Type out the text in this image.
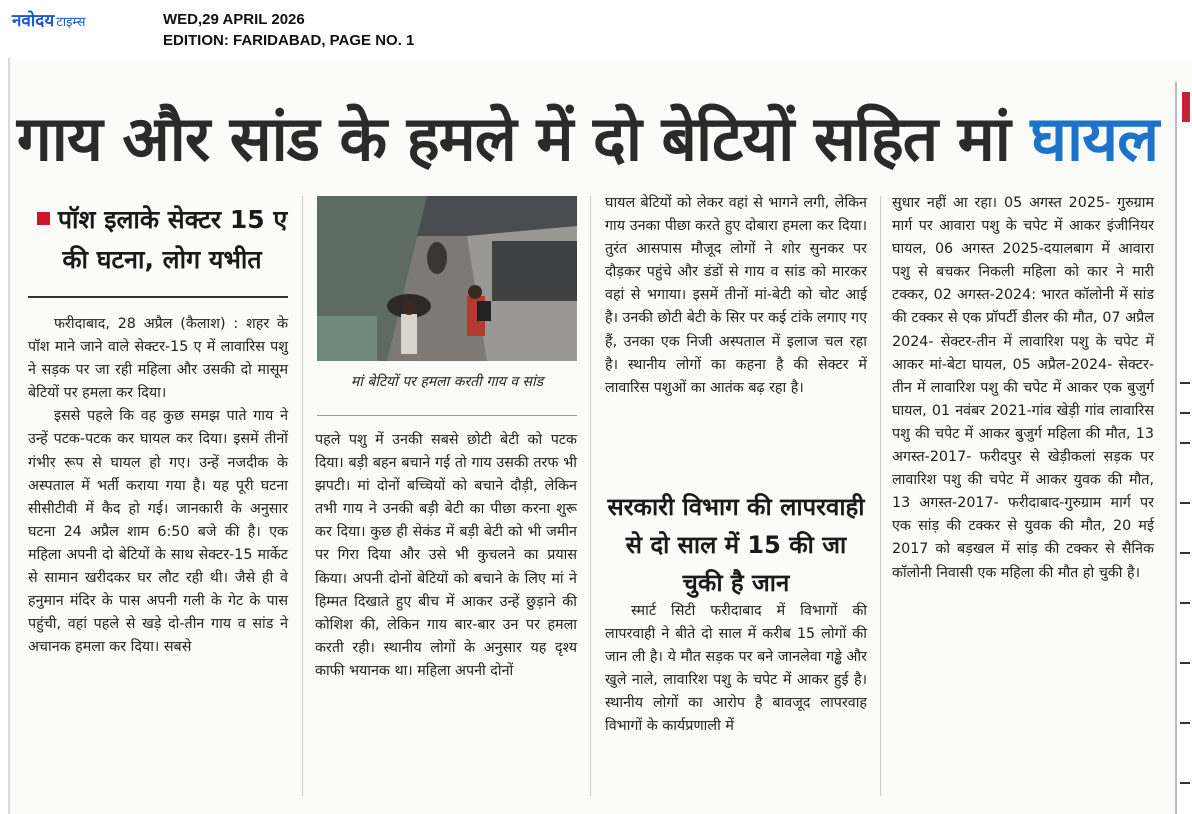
नवोदय टाइम्स	WED,29 APRIL 2026
EDITION: FARIDABAD, PAGE NO. 1
गाय और सांड के हमले में दो बेटियों सहित मां घायल
पॉश इलाके सेक्टर 15 ए की घटना, लोग यभीत

फरीदाबाद, 28 अप्रैल (कैलाश) : शहर के पॉश माने जाने वाले सेक्टर-15 ए में लावारिस पशु ने सड़क पर जा रही महिला और उसकी दो मासूम बेटियों पर हमला कर दिया।

इससे पहले कि वह कुछ समझ पाते गाय ने उन्हें पटक-पटक कर घायल कर दिया। इसमें तीनों गंभीर रूप से घायल हो गए। उन्हें नजदीक के अस्पताल में भर्ती कराया गया है। यह पूरी घटना सीसीटीवी में कैद हो गई। जानकारी के अनुसार घटना 24 अप्रैल शाम 6:50 बजे की है। एक महिला अपनी दो बेटियों के साथ सेक्टर-15 मार्केट से सामान खरीदकर घर लौट रही थी। जैसे ही वे हनुमान मंदिर के पास अपनी गली के गेट के पास पहुंची, वहां पहले से खड़े दो-तीन गाय व सांड ने अचानक हमला कर दिया। सबसे

मां बेटियों पर हमला करती गाय व सांड

पहले पशु में उनकी सबसे छोटी बेटी को पटक दिया। बड़ी बहन बचाने गई तो गाय उसकी तरफ भी झपटी। मां दोनों बच्चियों को बचाने दौड़ी, लेकिन तभी गाय ने उनकी बड़ी बेटी का पीछा करना शुरू कर दिया। कुछ ही सेकंड में बड़ी बेटी को भी जमीन पर गिरा दिया और उसे भी कुचलने का प्रयास किया। अपनी दोनों बेटियों को बचाने के लिए मां ने हिम्मत दिखाते हुए बीच में आकर उन्हें छुड़ाने की कोशिश की, लेकिन गाय बार-बार उन पर हमला करती रही। स्थानीय लोगों के अनुसार यह दृश्य काफी भयानक था। महिला अपनी दोनों

घायल बेटियों को लेकर वहां से भागने लगी, लेकिन गाय उनका पीछा करते हुए दोबारा हमला कर दिया। तुरंत आसपास मौजूद लोगों ने शोर सुनकर पर दौड़कर पहुंचे और डंडों से गाय व सांड को मारकर वहां से भगाया। इसमें तीनों मां-बेटी को चोट आई है। उनकी छोटी बेटी के सिर पर कई टांके लगाए गए हैं, उनका एक निजी अस्पताल में इलाज चल रहा है। स्थानीय लोगों का कहना है की सेक्टर में लावारिस पशुओं का आतंक बढ़ रहा है।

सरकारी विभाग की लापरवाही से दो साल में 15 की जा चुकी है जान

स्मार्ट सिटी फरीदाबाद में विभागों की लापरवाही ने बीते दो साल में करीब 15 लोगों की जान ली है। ये मौत सड़क पर बने जानलेवा गड्ढे और खुले नाले, लावारिश पशु के चपेट में आकर हुई है। स्थानीय लोगों का आरोप है बावजूद लापरवाह विभागों के कार्यप्रणाली में

सुधार नहीं आ रहा। 05 अगस्त 2025- गुरुग्राम मार्ग पर आवारा पशु के चपेट में आकर इंजीनियर घायल, 06 अगस्त 2025-दयालबाग में आवारा पशु से बचकर निकली महिला को कार ने मारी टक्कर, 02 अगस्त-2024: भारत कॉलोनी में सांड की टक्कर से एक प्रॉपर्टी डीलर की मौत, 07 अप्रैल 2024- सेक्टर-तीन में लावारिश पशु के चपेट में आकर मां-बेटा घायल, 05 अप्रैल-2024- सेक्टर-तीन में लावारिश पशु की चपेट में आकर एक बुजुर्ग घायल, 01 नवंबर 2021-गांव खेड़ी गांव लावारिस पशु की चपेट में आकर बुजुर्ग महिला की मौत, 13 अगस्त-2017- फरीदपुर से खेड़ीकलां सड़क पर लावारिश पशु की चपेट में आकर युवक की मौत, 13 अगस्त-2017- फरीदाबाद-गुरुग्राम मार्ग पर एक सांड़ की टक्कर से युवक की मौत, 20 मई 2017 को बड़खल में सांड़ की टक्कर से सैनिक कॉलोनी निवासी एक महिला की मौत हो चुकी है।
